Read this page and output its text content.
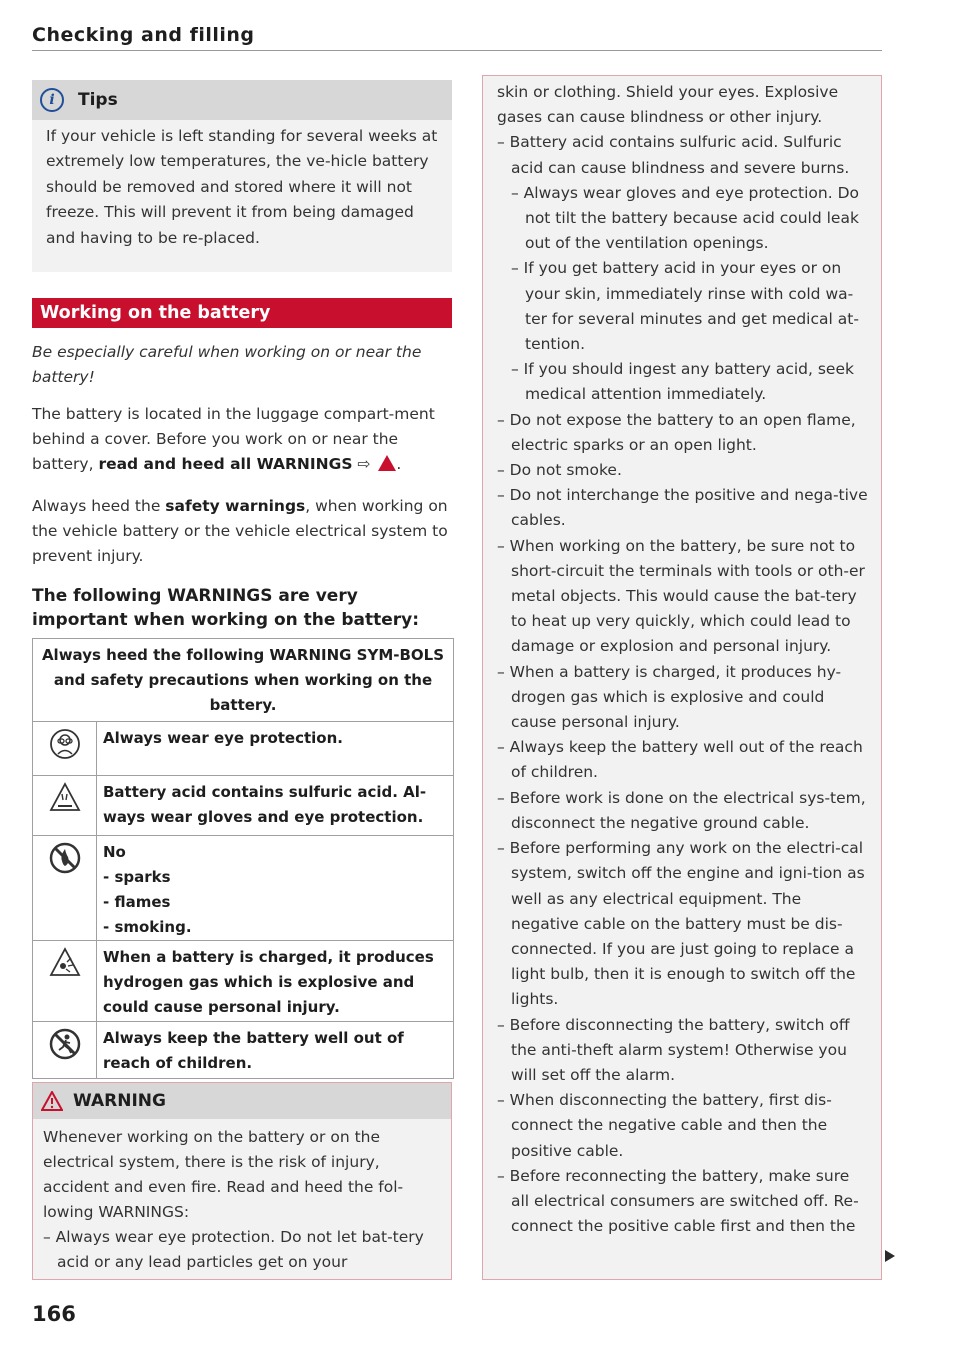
Checking and filling
i	Tips
If your vehicle is left standing for several weeks at extremely low temperatures, the ve-hicle battery should be removed and stored where it will not freeze. This will prevent it from being damaged and having to be re-placed.
Working on the battery
Be especially careful when working on or near the battery!
The battery is located in the luggage compart-ment behind a cover. Before you work on or near the battery, read and heed all WARNINGS ⇨ .
Always heed the safety warnings, when working on the vehicle battery or the vehicle electrical system to prevent injury.
The following WARNINGS are very important when working on the battery:
Always heed the following WARNING SYM-BOLS and safety precautions when working on the battery.
Always wear eye protection.
Battery acid contains sulfuric acid. Al-ways wear gloves and eye protection.
No
- sparks
- flames
- smoking.
When a battery is charged, it produces hydrogen gas which is explosive and could cause personal injury.
Always keep the battery well out of reach of children.
WARNING
Whenever working on the battery or on the electrical system, there is the risk of injury, accident and even fire. Read and heed the fol-lowing WARNINGS:
– Always wear eye protection. Do not let bat-tery acid or any lead particles get on your
skin or clothing. Shield your eyes. Explosive gases can cause blindness or other injury.
– Battery acid contains sulfuric acid. Sulfuric acid can cause blindness and severe burns.
– Always wear gloves and eye protection. Do not tilt the battery because acid could leak out of the ventilation openings.
– If you get battery acid in your eyes or on your skin, immediately rinse with cold wa-ter for several minutes and get medical at-tention.
– If you should ingest any battery acid, seek medical attention immediately.
– Do not expose the battery to an open flame, electric sparks or an open light.
– Do not smoke.
– Do not interchange the positive and nega-tive cables.
– When working on the battery, be sure not to short-circuit the terminals with tools or oth-er metal objects. This would cause the bat-tery to heat up very quickly, which could lead to damage or explosion and personal injury.
– When a battery is charged, it produces hy-drogen gas which is explosive and could cause personal injury.
– Always keep the battery well out of the reach of children.
– Before work is done on the electrical sys-tem, disconnect the negative ground cable.
– Before performing any work on the electri-cal system, switch off the engine and igni-tion as well as any electrical equipment. The negative cable on the battery must be dis-connected. If you are just going to replace a light bulb, then it is enough to switch off the lights.
– Before disconnecting the battery, switch off the anti-theft alarm system! Otherwise you will set off the alarm.
– When disconnecting the battery, first dis-connect the negative cable and then the positive cable.
– Before reconnecting the battery, make sure all electrical consumers are switched off. Re-connect the positive cable first and then the
166
